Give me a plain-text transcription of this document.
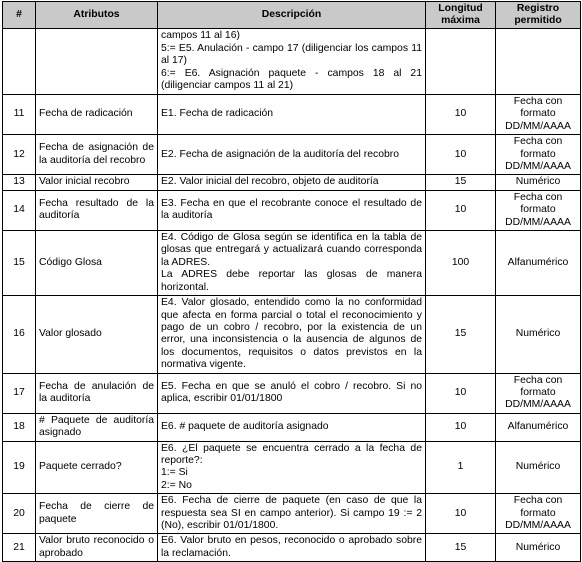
#	Atributos	Descripción	Longitud máxima	Registro permitido

		campos 11 al 16)
5:= E5. Anulación - campo 17 (diligenciar los campos 11 al 17)
6:= E6. Asignación paquete - campos 18 al 21 (diligenciar campos 11 al 21)		

11	Fecha de radicación	E1. Fecha de radicación	10	Fecha con formato DD/MM/AAAA
12	Fecha de asignación de la auditoría del recobro	E2. Fecha de asignación de la auditoría del recobro	10	Fecha con formato DD/MM/AAAA
13	Valor inicial recobro	E2. Valor inicial del recobro, objeto de auditoría	15	Numérico
14	Fecha resultado de la auditoría	E3. Fecha en que el recobrante conoce el resultado de la auditoría	10	Fecha con formato DD/MM/AAAA
15	Código Glosa	E4. Código de Glosa según se identifica en la tabla de glosas que entregará y actualizará cuando corresponda la ADRES.
La ADRES debe reportar las glosas de manera horizontal.	100	Alfanumérico
16	Valor glosado	E4. Valor glosado, entendido como la no conformidad que afecta en forma parcial o total el reconocimiento y pago de un cobro / recobro, por la existencia de un error, una inconsistencia o la ausencia de algunos de los documentos, requisitos o datos previstos en la normativa vigente.	15	Numérico
17	Fecha de anulación de la auditoría	E5. Fecha en que se anuló el cobro / recobro. Si no aplica, escribir 01/01/1800	10	Fecha con formato DD/MM/AAAA
18	# Paquete de auditoría asignado	E6. # paquete de auditoría asignado	10	Alfanumérico
19	Paquete cerrado?	E6. ¿El paquete se encuentra cerrado a la fecha de reporte?:
1:= Si
2:= No	1	Numérico
20	Fecha de cierre de paquete	E6. Fecha de cierre de paquete (en caso de que la respuesta sea SI en campo anterior). Si campo 19 := 2 (No), escribir 01/01/1800.	10	Fecha con formato DD/MM/AAAA
21	Valor bruto reconocido o aprobado	E6. Valor bruto en pesos, reconocido o aprobado sobre la reclamación.	15	Numérico
